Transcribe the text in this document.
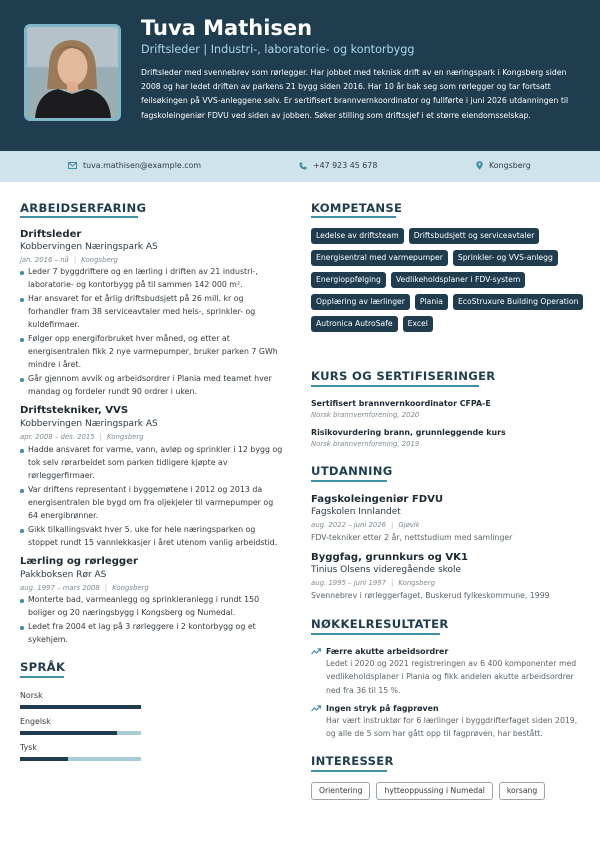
Tuva Mathisen
Driftsleder | Industri-, laboratorie- og kontorbygg
Driftsleder med svennebrev som rørlegger. Har jobbet med teknisk drift av en næringspark i Kongsberg siden 2008 og har ledet driften av parkens 21 bygg siden 2016. Har 10 år bak seg som rørlegger og tar fortsatt feilsøkingen på VVS-anleggene selv. Er sertifisert brannvernkoordinator og fullførte i juni 2026 utdanningen til fagskoleingeniør FDVU ved siden av jobben. Søker stilling som driftssjef i et større eiendomsselskap.
tuva.mathisen@example.com	+47 923 45 678	Kongsberg
ARBEIDSERFARING
Driftsleder
Kobbervingen Næringspark AS
jan. 2016 – nå | Kongsberg
Leder 7 byggdriftere og en lærling i driften av 21 industri-, laboratorie- og kontorbygg på til sammen 142 000 m².
Har ansvaret for et årlig driftsbudsjett på 26 mill. kr og forhandler fram 38 serviceavtaler med heis-, sprinkler- og kuldefirmaer.
Følger opp energiforbruket hver måned, og etter at energisentralen fikk 2 nye varmepumper, bruker parken 7 GWh mindre i året.
Går gjennom avvik og arbeidsordrer i Plania med teamet hver mandag og fordeler rundt 90 ordrer i uken.
Driftstekniker, VVS
Kobbervingen Næringspark AS
apr. 2008 – des. 2015 | Kongsberg
Hadde ansvaret for varme, vann, avløp og sprinkler i 12 bygg og tok selv rørarbeidet som parken tidligere kjøpte av rørleggerfirmaer.
Var driftens representant i byggemøtene i 2012 og 2013 da energisentralen ble bygd om fra oljekjeler til varmepumper og 64 energibrønner.
Gikk tilkallingsvakt hver 5. uke for hele næringsparken og stoppet rundt 15 vannlekkasjer i året utenom vanlig arbeidstid.
Lærling og rørlegger
Pakkboksen Rør AS
aug. 1997 – mars 2008 | Kongsberg
Monterte bad, varmeanlegg og sprinkleranlegg i rundt 150 boliger og 20 næringsbygg i Kongsberg og Numedal.
Ledet fra 2004 et lag på 3 rørleggere i 2 kontorbygg og et sykehjem.
SPRÅK
Norsk
Engelsk
Tysk
KOMPETANSE
Ledelse av driftsteam	Driftsbudsjett og serviceavtaler
Energisentral med varmepumper	Sprinkler- og VVS-anlegg
Energioppfølging	Vedlikeholdsplaner i FDV-system
Opplæring av lærlinger	Plania	EcoStruxure Building Operation
Autronica AutroSafe	Excel
KURS OG SERTIFISERINGER
Sertifisert brannvernkoordinator CFPA-E
Norsk brannvernforening, 2020
Risikovurdering brann, grunnleggende kurs
Norsk brannvernforening, 2019
UTDANNING
Fagskoleingeniør FDVU
Fagskolen Innlandet
aug. 2022 – juni 2026 | Gjøvik
FDV-tekniker etter 2 år, nettstudium med samlinger
Byggfag, grunnkurs og VK1
Tinius Olsens videregående skole
aug. 1995 – juni 1997 | Kongsberg
Svennebrev i rørleggerfaget, Buskerud fylkeskommune, 1999
NØKKELRESULTATER
Færre akutte arbeidsordrer
Ledet i 2020 og 2021 registreringen av 6 400 komponenter med vedlikeholdsplaner i Plania og fikk andelen akutte arbeidsordrer ned fra 36 til 15 %.
Ingen stryk på fagprøven
Har vært instruktør for 6 lærlinger i byggdrifterfaget siden 2019, og alle de 5 som har gått opp til fagprøven, har bestått.
INTERESSER
Orientering	hytteoppussing i Numedal	korsang
